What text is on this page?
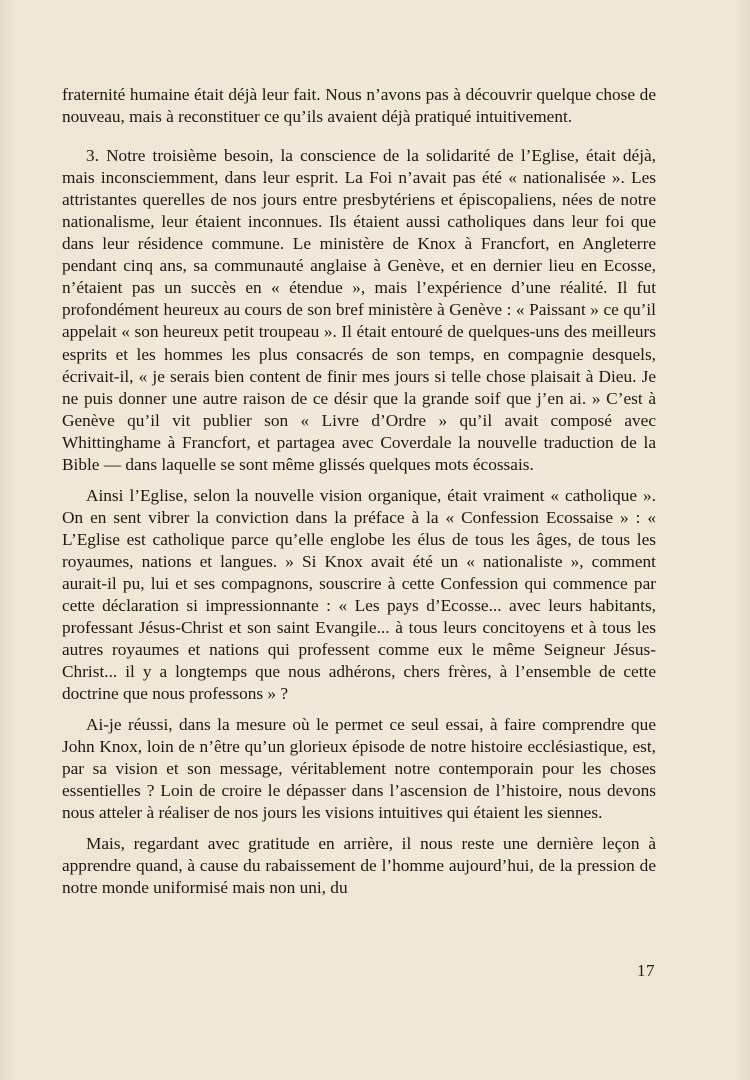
fraternité humaine était déjà leur fait. Nous n’avons pas à découvrir quelque chose de nouveau, mais à reconstituer ce qu’ils avaient déjà pratiqué intuitivement.

3. Notre troisième besoin, la conscience de la solidarité de l’Eglise, était déjà, mais inconsciemment, dans leur esprit. La Foi n’avait pas été « nationalisée ». Les attristantes querelles de nos jours entre presbytériens et épiscopaliens, nées de notre nationalisme, leur étaient inconnues. Ils étaient aussi catholiques dans leur foi que dans leur résidence commune. Le ministère de Knox à Francfort, en Angleterre pendant cinq ans, sa communauté anglaise à Genève, et en dernier lieu en Ecosse, n’étaient pas un succès en « étendue », mais l’expérience d’une réalité. Il fut profondément heureux au cours de son bref ministère à Genève : « Paissant » ce qu’il appelait « son heureux petit troupeau ». Il était entouré de quelques-uns des meilleurs esprits et les hommes les plus consacrés de son temps, en compagnie desquels, écrivait-il, « je serais bien content de finir mes jours si telle chose plaisait à Dieu. Je ne puis donner une autre raison de ce désir que la grande soif que j’en ai. » C’est à Genève qu’il vit publier son « Livre d’Ordre » qu’il avait composé avec Whittinghame à Francfort, et partagea avec Coverdale la nouvelle traduction de la Bible — dans laquelle se sont même glissés quelques mots écossais.

Ainsi l’Eglise, selon la nouvelle vision organique, était vraiment « catholique ». On en sent vibrer la conviction dans la préface à la « Confession Ecossaise » : « L’Eglise est catholique parce qu’elle englobe les élus de tous les âges, de tous les royaumes, nations et langues. » Si Knox avait été un « nationaliste », comment aurait-il pu, lui et ses compagnons, souscrire à cette Confession qui commence par cette déclaration si impressionnante : « Les pays d’Ecosse... avec leurs habitants, professant Jésus-Christ et son saint Evangile... à tous leurs concitoyens et à tous les autres royaumes et nations qui professent comme eux le même Seigneur Jésus-Christ... il y a longtemps que nous adhérons, chers frères, à l’ensemble de cette doctrine que nous professons » ?

Ai-je réussi, dans la mesure où le permet ce seul essai, à faire comprendre que John Knox, loin de n’être qu’un glorieux épisode de notre histoire ecclésiastique, est, par sa vision et son message, véritablement notre contemporain pour les choses essentielles ? Loin de croire le dépasser dans l’ascension de l’histoire, nous devons nous atteler à réaliser de nos jours les visions intuitives qui étaient les siennes.

Mais, regardant avec gratitude en arrière, il nous reste une dernière leçon à apprendre quand, à cause du rabaissement de l’homme aujourd’hui, de la pression de notre monde uniformisé mais non uni, du

17
